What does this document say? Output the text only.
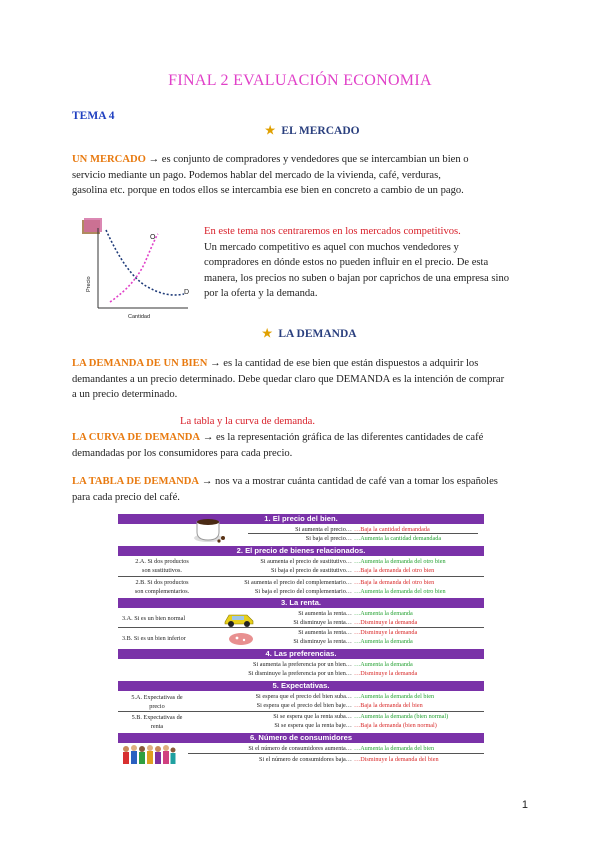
FINAL 2 EVALUACIÓN ECONOMIA
TEMA 4
★ EL MERCADO

UN MERCADO → es conjunto de compradores y vendedores que se intercambian un bien o

servicio mediante un pago. Podemos hablar del mercado de la vivienda, café, verduras,

gasolina etc. porque en todos ellos se intercambia ese bien en concreto a cambio de un pago.

O
D
Precio
Cantidad

En este tema nos centraremos en los mercados competitivos.

Un mercado competitivo es aquel con muchos vendedores y

compradores en dónde estos no pueden influir en el precio. De esta

manera, los precios no suben o bajan por caprichos de una empresa sino

por la oferta y la demanda.

★ LA DEMANDA

LA DEMANDA DE UN BIEN → es la cantidad de ese bien que están dispuestos a adquirir los

demandantes a un precio determinado. Debe quedar claro que DEMANDA es la intención de comprar

a un precio determinado.

La tabla y la curva de demanda.

LA CURVA DE DEMANDA → es la representación gráfica de las diferentes cantidades de café

demandadas por los consumidores para cada precio.

LA TABLA DE DEMANDA → nos va a mostrar cuánta cantidad de café van a tomar los españoles

para cada precio del café.

1. El precio del bien.
Si aumenta el precio… …Baja la cantidad demandada
Si baja el precio… …Aumenta la cantidad demandada
2. El precio de bienes relacionados.
2.A. Si dos productos
son sustitutivos.
Si aumenta el precio de sustitutivo… …Aumenta la demanda del otro bien
Si baja el precio de sustitutivo… …Baja la demanda del otro bien
2.B. Si dos productos
son complementarios.
Si aumenta el precio del complementario… …Baja la demanda del otro bien
Si baja el precio del complementario… …Aumenta la demanda del otro bien
3. La renta.
3.A. Si es un bien normal
3.B. Si es un bien inferior
Si aumenta la renta… …Aumenta la demanda
Si disminuye la renta… …Disminuye la demanda
Si aumenta la renta… …Disminuye la demanda
Si disminuye la renta… …Aumenta la demanda
4. Las preferencias.
Si aumenta la preferencia por un bien… …Aumenta la demanda
Si disminuye la preferencia por un bien… …Disminuye la demanda
5. Expectativas.
5.A. Expectativas de
precio
5.B. Expectativas de
renta
Si espera que el precio del bien suba… …Aumenta la demanda del bien
Si espera que el precio del bien baje… …Baja la demanda del bien
Si se espera que la renta suba… …Aumenta la demanda (bien normal)
Si se espera que la renta baje… …Baja la demanda (bien normal)
6. Número de consumidores
Si el número de consumidores aumenta… …Aumenta la demanda del bien
Si el número de consumidores baja… …Disminuye la demanda del bien
1
